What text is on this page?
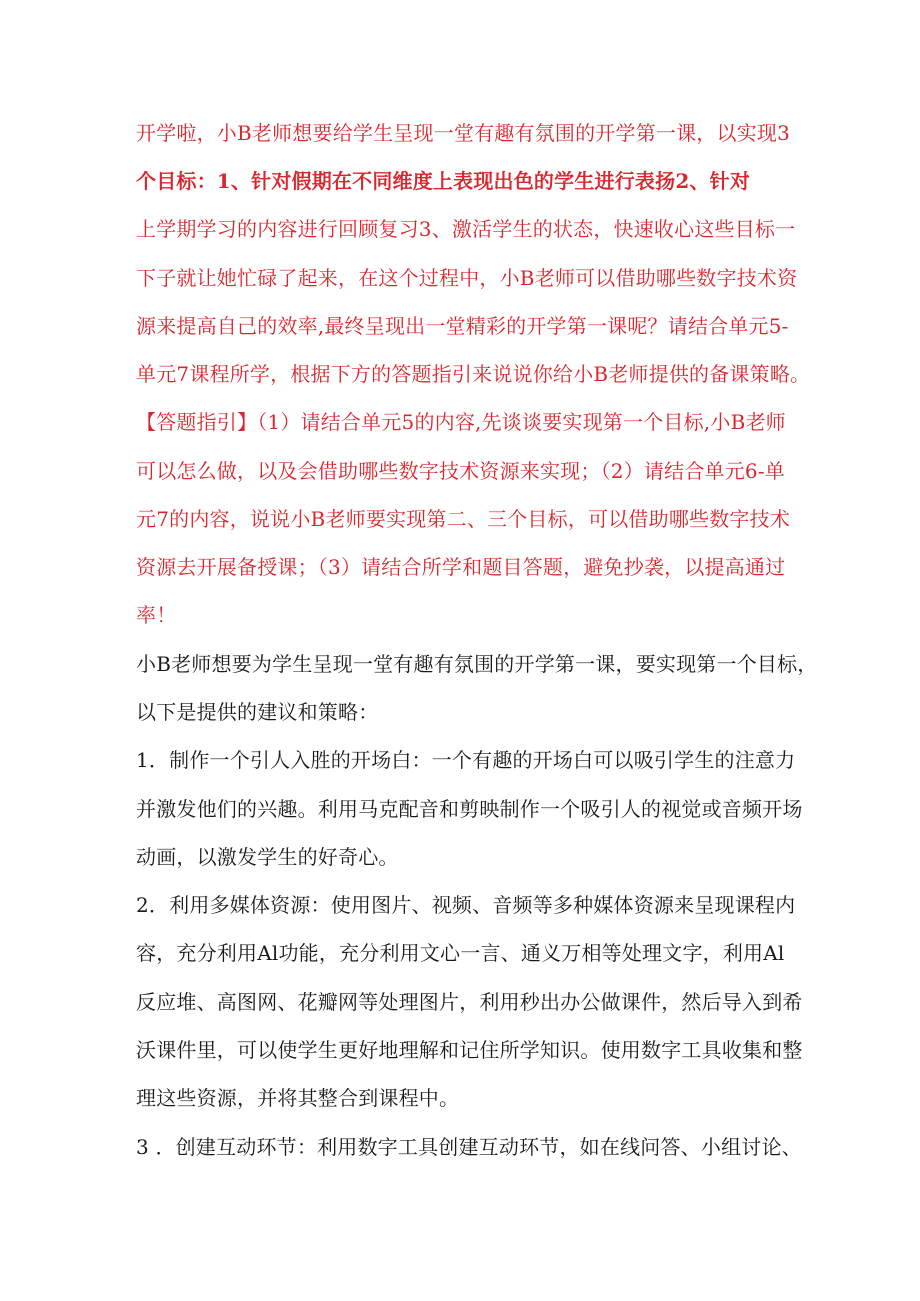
开学啦，小B老师想要给学生呈现一堂有趣有氛围的开学第一课，以实现3
个目标：1、针对假期在不同维度上表现出色的学生进行表扬2、针对
上学期学习的内容进行回顾复习3、激活学生的状态，快速收心这些目标一
下子就让她忙碌了起来，在这个过程中，小B老师可以借助哪些数字技术资
源来提高自己的效率,最终呈现出一堂精彩的开学第一课呢？请结合单元5-
单元7课程所学，根据下方的答题指引来说说你给小B老师提供的备课策略。
【答题指引】（1）请结合单元5的内容,先谈谈要实现第一个目标,小B老师
可以怎么做，以及会借助哪些数字技术资源来实现；（2）请结合单元6-单
元7的内容，说说小B老师要实现第二、三个目标，可以借助哪些数字技术
资源去开展备授课；（3）请结合所学和题目答题，避免抄袭，以提高通过
率！
小B老师想要为学生呈现一堂有趣有氛围的开学第一课，要实现第一个目标，
以下是提供的建议和策略：
1．制作一个引人入胜的开场白：一个有趣的开场白可以吸引学生的注意力
并激发他们的兴趣。利用马克配音和剪映制作一个吸引人的视觉或音频开场
动画，以激发学生的好奇心。
2．利用多媒体资源：使用图片、视频、音频等多种媒体资源来呈现课程内
容，充分利用Al功能，充分利用文心一言、通义万相等处理文字，利用Al
反应堆、高图网、花瓣网等处理图片，利用秒出办公做课件，然后导入到希
沃课件里，可以使学生更好地理解和记住所学知识。使用数字工具收集和整
理这些资源，并将其整合到课程中。
3 ．创建互动环节：利用数字工具创建互动环节，如在线问答、小组讨论、
